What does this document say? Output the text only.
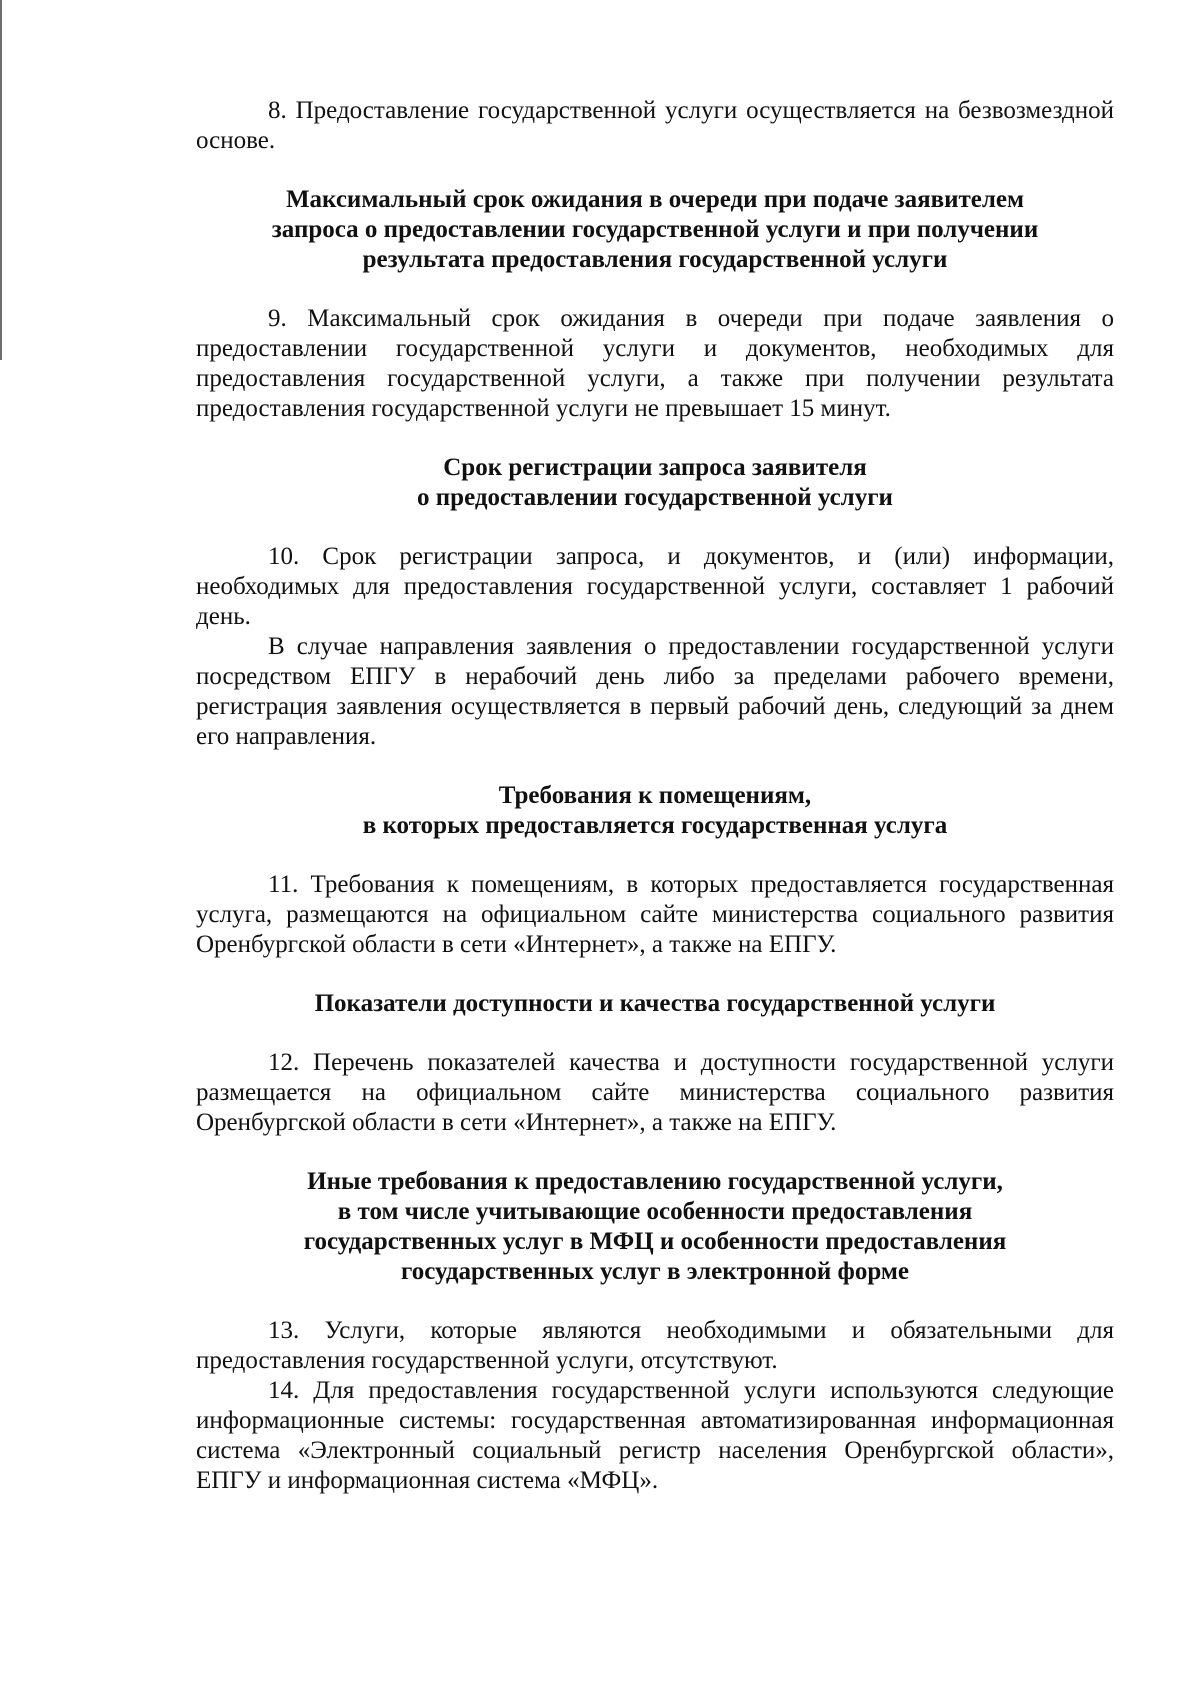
8. Предоставление государственной услуги осуществляется на безвозмездной основе.

Максимальный срок ожидания в очереди при подаче заявителем
запроса о предоставлении государственной услуги и при получении
результата предоставления государственной услуги

9. Максимальный срок ожидания в очереди при подаче заявления о предоставлении государственной услуги и документов, необходимых для предоставления государственной услуги, а также при получении результата предоставления государственной услуги не превышает 15 минут.

Срок регистрации запроса заявителя
о предоставлении государственной услуги

10. Срок регистрации запроса, и документов, и (или) информации, необходимых для предоставления государственной услуги, составляет 1 рабочий день.

В случае направления заявления о предоставлении государственной услуги посредством ЕПГУ в нерабочий день либо за пределами рабочего времени, регистрация заявления осуществляется в первый рабочий день, следующий за днем его направления.

Требования к помещениям,
в которых предоставляется государственная услуга

11. Требования к помещениям, в которых предоставляется государственная услуга, размещаются на официальном сайте министерства социального развития Оренбургской области в сети «Интернет», а также на ЕПГУ.

Показатели доступности и качества государственной услуги

12. Перечень показателей качества и доступности государственной услуги размещается на официальном сайте министерства социального развития Оренбургской области в сети «Интернет», а также на ЕПГУ.

Иные требования к предоставлению государственной услуги,
в том числе учитывающие особенности предоставления
государственных услуг в МФЦ и особенности предоставления
государственных услуг в электронной форме

13. Услуги, которые являются необходимыми и обязательными для предоставления государственной услуги, отсутствуют.

14. Для предоставления государственной услуги используются следующие информационные системы: государственная автоматизированная информационная система «Электронный социальный регистр населения Оренбургской области», ЕПГУ и информационная система «МФЦ».
